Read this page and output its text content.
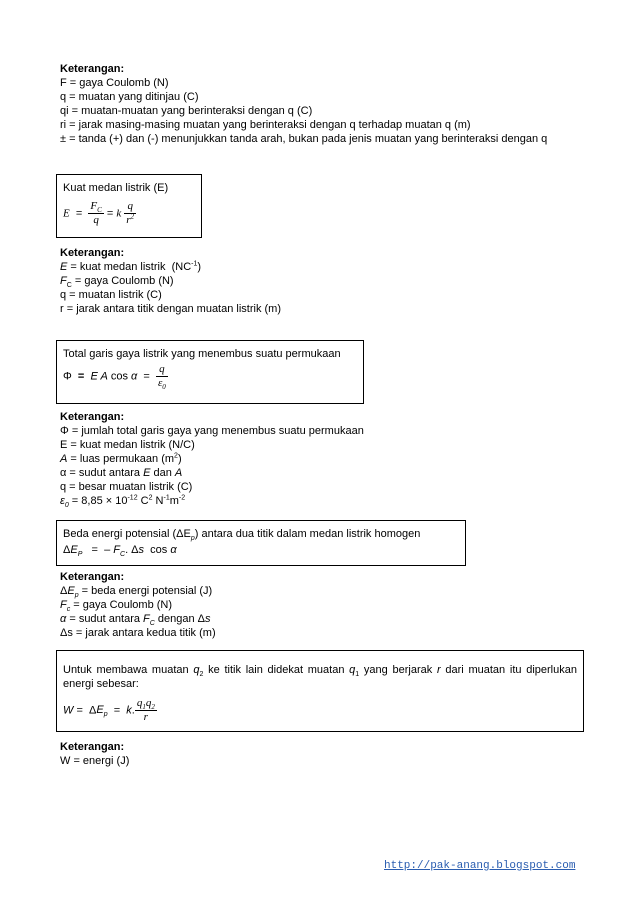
Keterangan:
F = gaya Coulomb (N)
q = muatan yang ditinjau (C)
qi = muatan-muatan yang berinteraksi dengan q (C)
ri = jarak masing-masing muatan yang berinteraksi dengan q terhadap muatan q (m)
± = tanda (+) dan (-) menunjukkan tanda arah, bukan pada jenis muatan yang berinteraksi dengan q
Kuat medan listrik (E)
$E = \frac{F_C}{q} = k \frac{q}{r^2}$
Keterangan:
E = kuat medan listrik  $(NC^{-1})$
$F_C$ = gaya Coulomb (N)
q = muatan listrik (C)
r = jarak antara titik dengan muatan listrik (m)
Total garis gaya listrik yang menembus suatu permukaan
Φ  = E A $\cos \alpha = \frac{q}{\varepsilon_0}$
Keterangan:
Φ = jumlah total garis gaya yang menembus suatu permukaan
E = kuat medan listrik (N/C)
A = luas permukaan $(m^2)$
α = sudut antara E dan A
q = besar muatan listrik (C)
$\varepsilon_0 = 8,85 \times 10^{-12}$ $C^2$ $N^{-1}m^{-2}$
Beda energi potensial $(\Delta E_p)$ antara dua titik dalam medan listrik homogen
$\Delta E_P$   =  – $F_C$. Δs  cos α
Keterangan:
$\Delta E_p$ = beda energi potensial (J)
$F_c$ = gaya Coulomb (N)
α = sudut antara $F_C$ dengan Δs
Δs = jarak antara kedua titik (m)
Untuk membawa muatan $q_2$ ke titik lain didekat muatan $q_1$ yang berjarak r dari muatan itu diperlukan energi sebesar:
$W = \Delta E_p = k$. $\frac{q_1q_2}{r}$
Keterangan:
W = energi (J)
http://pak-anang.blogspot.com
